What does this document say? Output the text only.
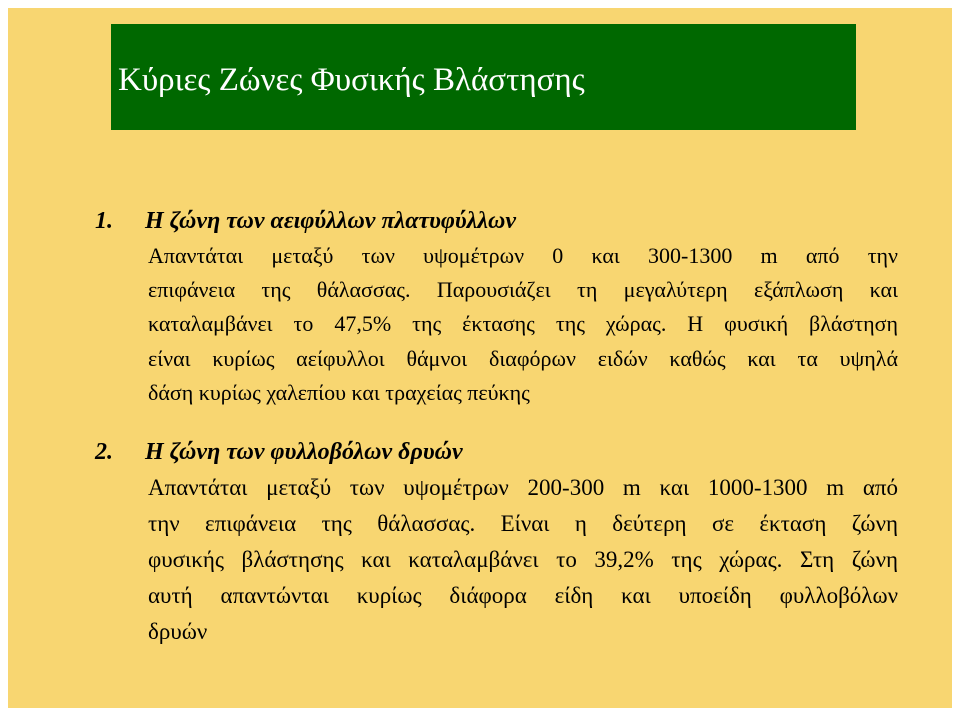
Κύριες Ζώνες Φυσικής Βλάστησης
1. Η ζώνη των αειφύλλων πλατυφύλλων
Απαντάται μεταξύ των υψομέτρων 0 και 300-1300 m από την
επιφάνεια της θάλασσας. Παρουσιάζει τη μεγαλύτερη εξάπλωση και
καταλαμβάνει το 47,5% της έκτασης της χώρας. Η φυσική βλάστηση
είναι κυρίως αείφυλλοι θάμνοι διαφόρων ειδών καθώς και τα υψηλά
δάση κυρίως χαλεπίου και τραχείας πεύκης
2. Η ζώνη των φυλλοβόλων δρυών
Απαντάται μεταξύ των υψομέτρων 200-300 m και 1000-1300 m από
την επιφάνεια της θάλασσας. Είναι η δεύτερη σε έκταση ζώνη
φυσικής βλάστησης και καταλαμβάνει το 39,2% της χώρας. Στη ζώνη
αυτή απαντώνται κυρίως διάφορα είδη και υποείδη φυλλοβόλων
δρυών
